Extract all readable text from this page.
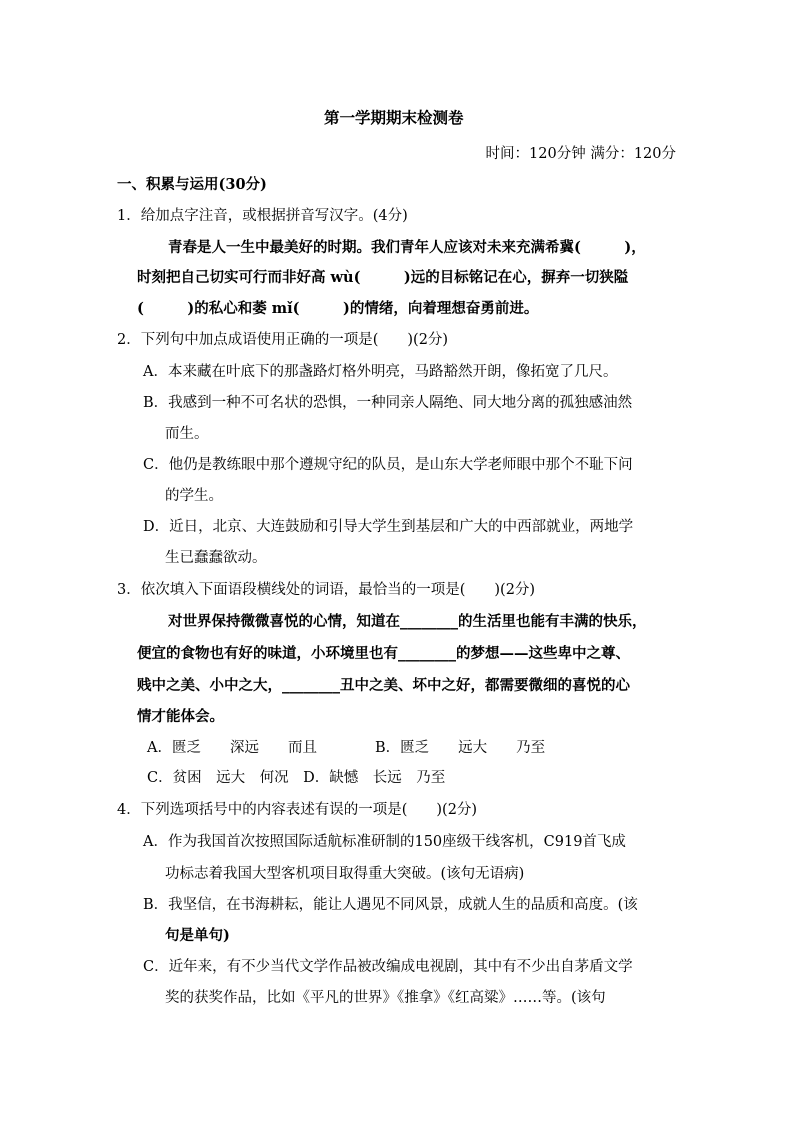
第一学期期末检测卷
时间：120分钟 满分：120分
一、积累与运用(30分)
1．给加点字注音，或根据拼音写汉字。(4分)
青春是人一生中最美好的时期。我们青年人应该对未来充满希冀(　　　)，
时刻把自己切实可行而非好高 wù(　　　)远的目标铭记在心，摒弃一切狭隘
(　　　)的私心和萎 mǐ(　　　)的情绪，向着理想奋勇前进。
2．下列句中加点成语使用正确的一项是(　　)(2分)
A．本来藏在叶底下的那盏路灯格外明亮，马路豁然开朗，像拓宽了几尺。
B．我感到一种不可名状的恐惧，一种同亲人隔绝、同大地分离的孤独感油然
而生。
C．他仍是教练眼中那个遵规守纪的队员，是山东大学老师眼中那个不耻下问
的学生。
D．近日，北京、大连鼓励和引导大学生到基层和广大的中西部就业，两地学
生已蠢蠢欲动。
3．依次填入下面语段横线处的词语，最恰当的一项是(　　)(2分)
对世界保持微微喜悦的心情，知道在________的生活里也能有丰满的快乐，
便宜的食物也有好的味道，小环境里也有________的梦想——这些卑中之尊、
贱中之美、小中之大，________丑中之美、坏中之好，都需要微细的喜悦的心
情才能体会。
A．匮乏　　深远　　而且　　　　B．匮乏　　远大　　乃至
C．贫困　远大　何况　D．缺憾　长远　乃至
4．下列选项括号中的内容表述有误的一项是(　　)(2分)
A．作为我国首次按照国际适航标准研制的150座级干线客机，C919首飞成
功标志着我国大型客机项目取得重大突破。(该句无语病)
B．我坚信，在书海耕耘，能让人遇见不同风景，成就人生的品质和高度。(该
句是单句)
C．近年来，有不少当代文学作品被改编成电视剧，其中有不少出自茅盾文学
奖的获奖作品，比如《平凡的世界》《推拿》《红高粱》……等。(该句
